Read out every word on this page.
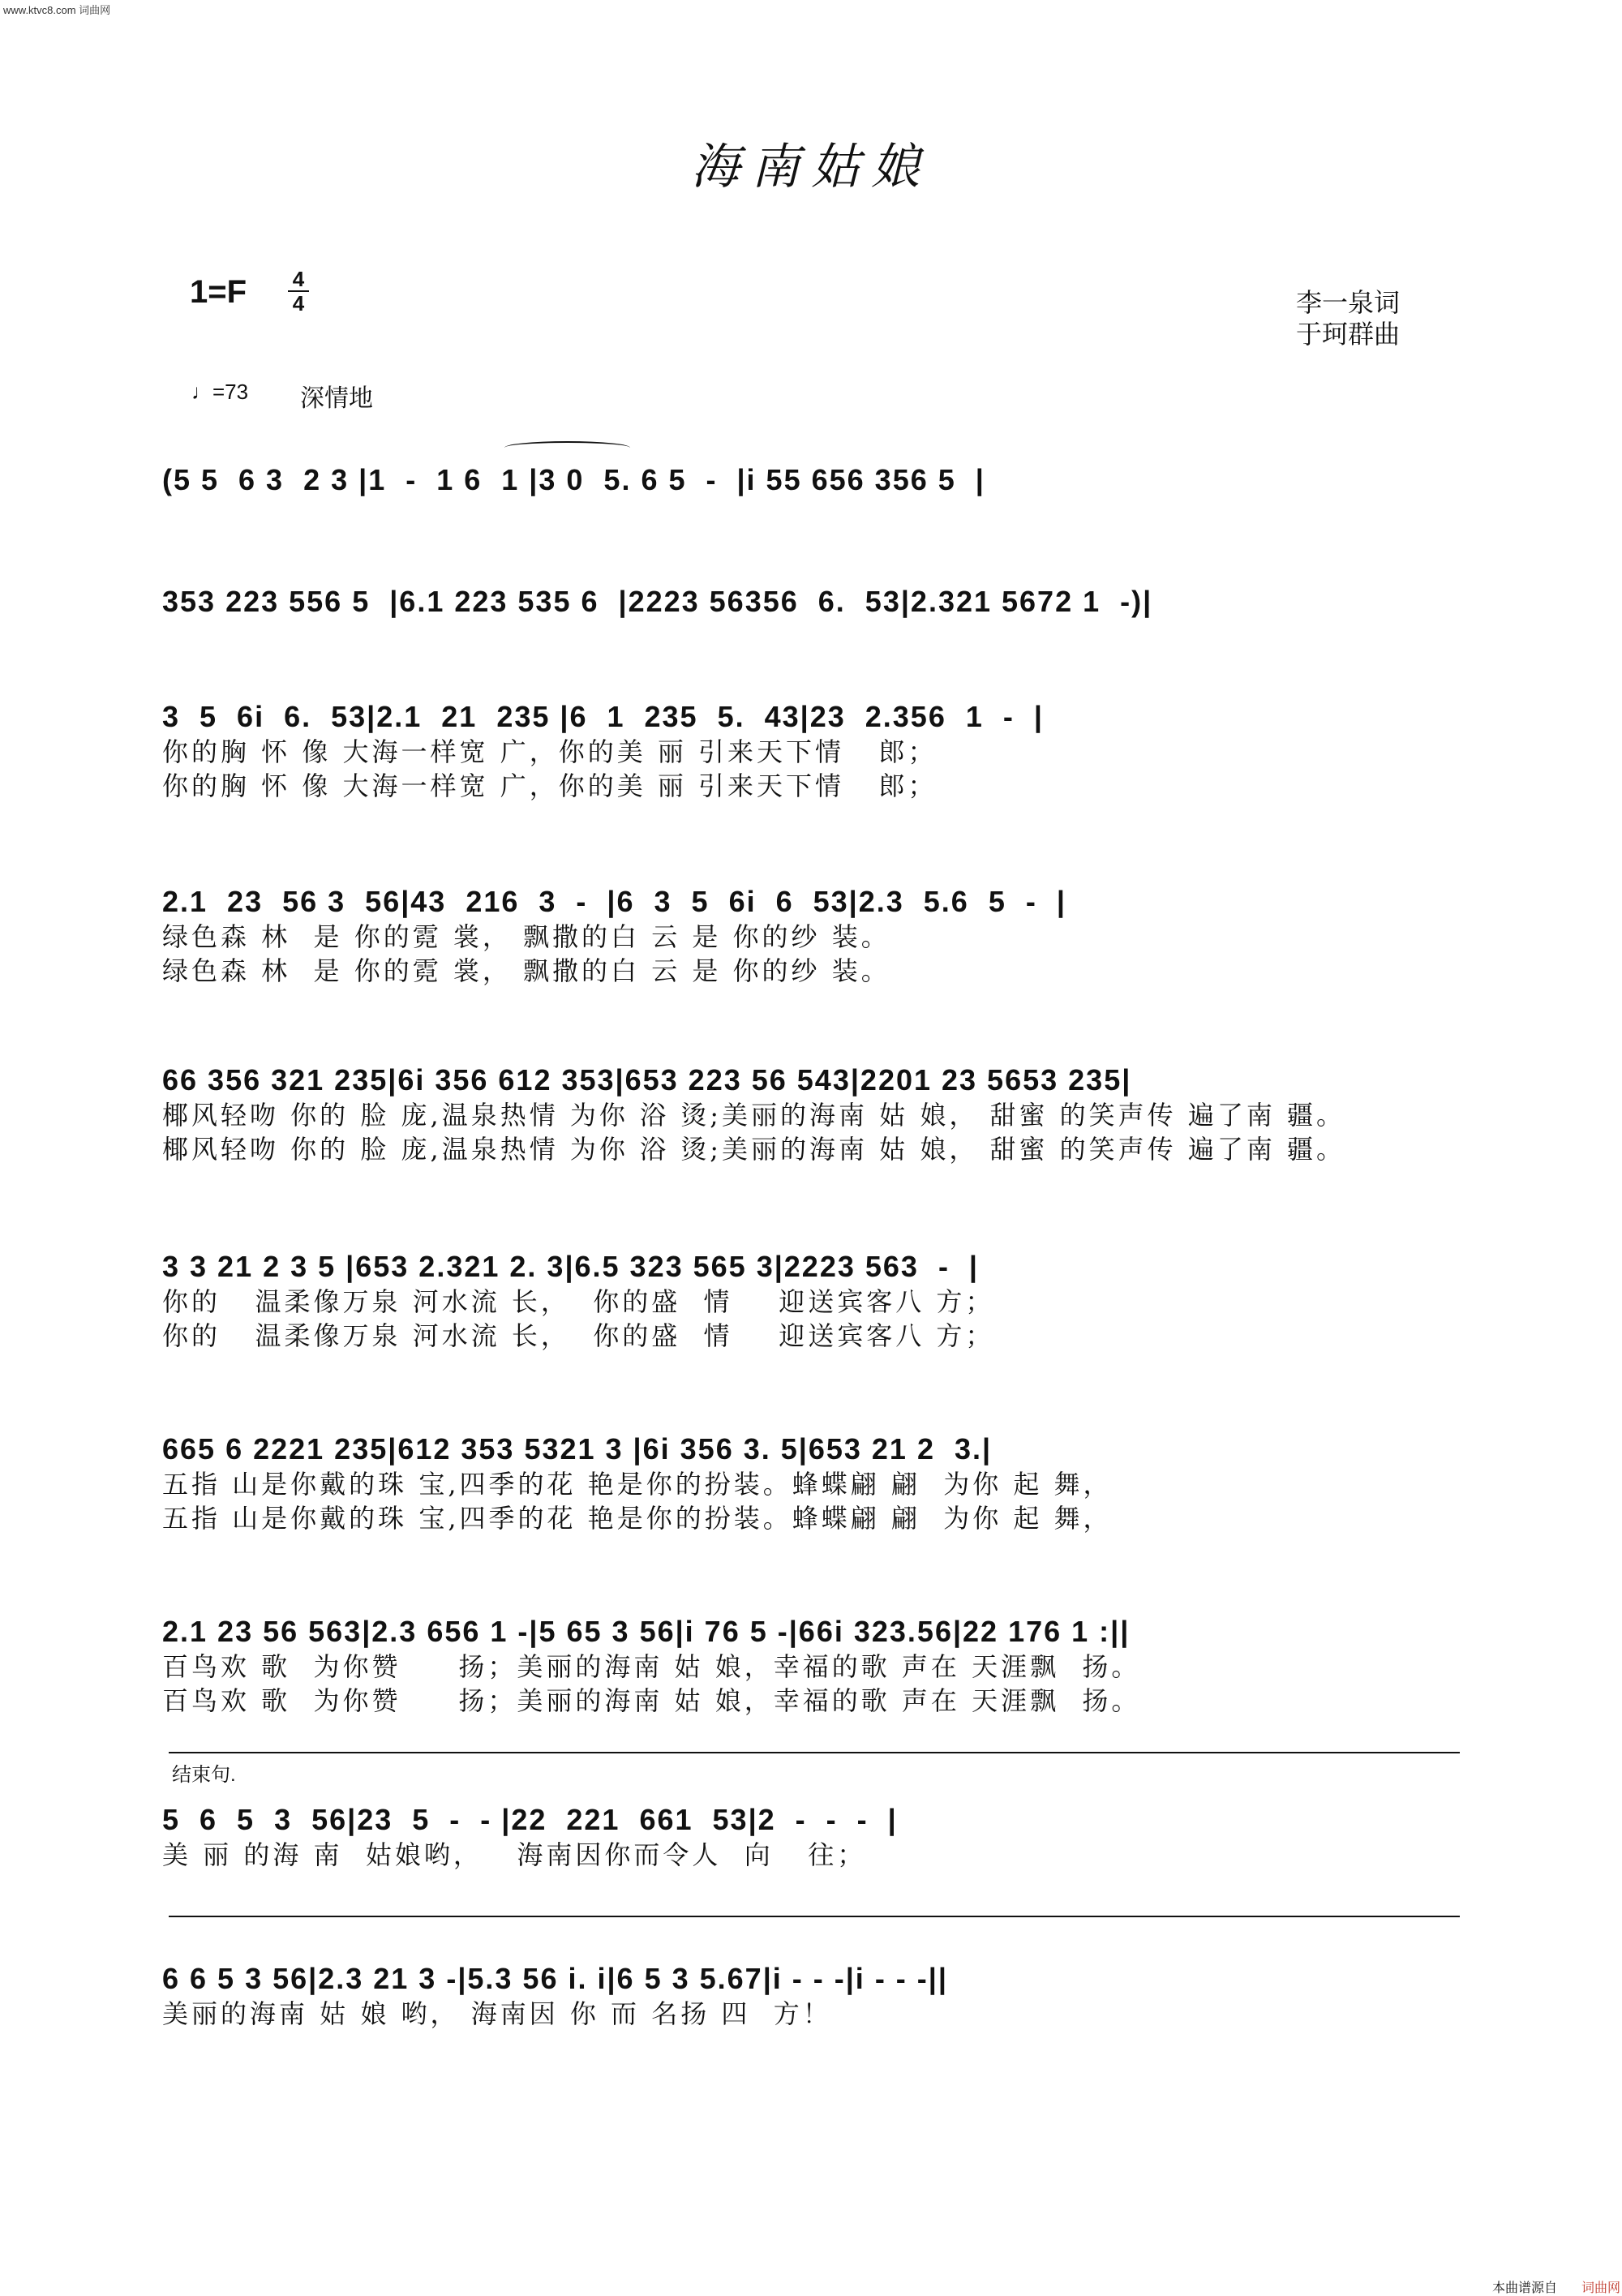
www.ktvc8.com 词曲网
海南姑娘
1=F 4
4	李一泉词
于珂群曲
♩=73 深情地
(5 5  6 3  2 3 |1  -  1 6  1 |3 0  5. 6 5  -  |i 55 656 356 5  |
353 223 556 5  |6.1 223 535 6  |2223 56356  6.  53|2.321 5672 1  -)|
3  5  6i  6.  53|2.1  21  235 |6  1  235  5.  43|23  2.356  1  -  |
你的胸 怀 像 大海一样宽 广，你的美 丽 引来天下情   郎；
你的胸 怀 像 大海一样宽 广，你的美 丽 引来天下情   郎；
2.1  23  56 3  56|43  216  3  -  |6  3  5  6i  6  53|2.3  5.6  5  -  |
绿色森 林  是 你的霓 裳， 飘撒的白 云 是 你的纱 装。
绿色森 林  是 你的霓 裳， 飘撒的白 云 是 你的纱 装。
66 356 321 235|6i 356 612 353|653 223 56 543|2201 23 5653 235|
椰风轻吻 你的 脸 庞,温泉热情 为你 浴 烫;美丽的海南 姑 娘， 甜蜜 的笑声传 遍了南 疆。
椰风轻吻 你的 脸 庞,温泉热情 为你 浴 烫;美丽的海南 姑 娘， 甜蜜 的笑声传 遍了南 疆。
3 3 21 2 3 5 |653 2.321 2. 3|6.5 323 565 3|2223 563  -  |
你的   温柔像万泉 河水流 长，  你的盛  情    迎送宾客八 方；
你的   温柔像万泉 河水流 长，  你的盛  情    迎送宾客八 方；
665 6 2221 235|612 353 5321 3 |6i 356 3. 5|653 21 2  3.|
五指 山是你戴的珠 宝,四季的花 艳是你的扮装。蜂蝶翩 翩  为你 起 舞，
五指 山是你戴的珠 宝,四季的花 艳是你的扮装。蜂蝶翩 翩  为你 起 舞，
2.1 23 56 563|2.3 656 1 -|5 65 3 56|i 76 5 -|66i 323.56|22 176 1 :||
百鸟欢 歌  为你赞     扬；美丽的海南 姑 娘，幸福的歌 声在 天涯飘  扬。
百鸟欢 歌  为你赞     扬；美丽的海南 姑 娘，幸福的歌 声在 天涯飘  扬。
结束句.
5  6  5  3  56|23  5  -  - |22  221  661  53|2  -  -  -  |
美 丽 的海 南  姑娘哟，   海南因你而令人  向   往；
6 6 5 3 56|2.3 21 3 -|5.3 56 i. i|6 5 3 5.67|i - - -|i - - -||
美丽的海南 姑 娘 哟， 海南因 你 而 名扬 四  方！
本曲谱源自 词曲网
